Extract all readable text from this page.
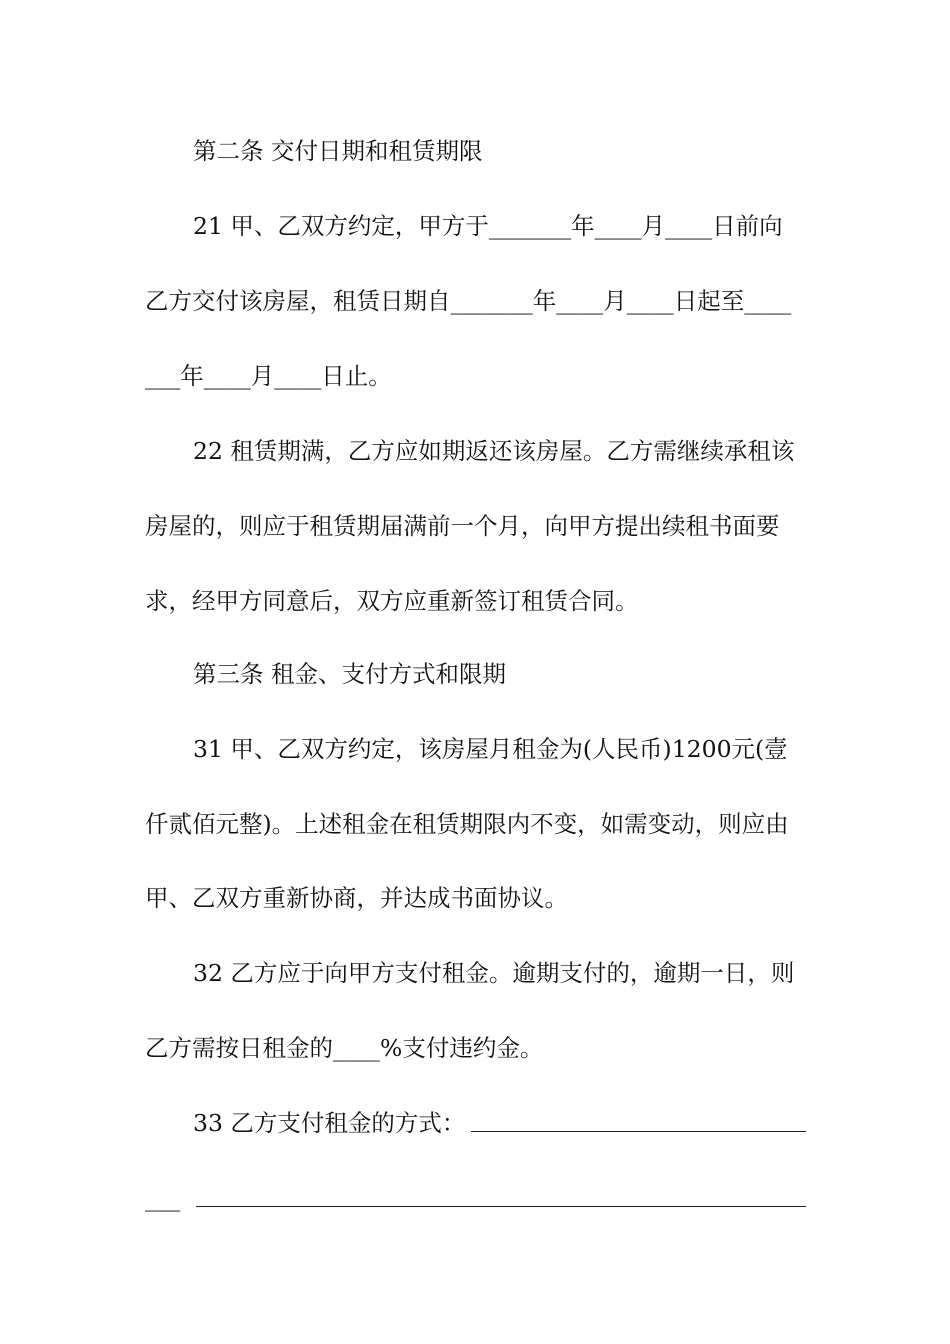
第二条 交付日期和租赁期限
21 甲、乙双方约定，甲方于_______年____月____日前向
乙方交付该房屋，租赁日期自_______年____月____日起至____
___年____月____日止。
22 租赁期满，乙方应如期返还该房屋。乙方需继续承租该
房屋的，则应于租赁期届满前一个月，向甲方提出续租书面要
求，经甲方同意后，双方应重新签订租赁合同。
第三条 租金、支付方式和限期
31 甲、乙双方约定，该房屋月租金为(人民币)1200元(壹
仟贰佰元整)。上述租金在租赁期限内不变，如需变动，则应由
甲、乙双方重新协商，并达成书面协议。
32 乙方应于向甲方支付租金。逾期支付的，逾期一日，则
乙方需按日租金的____%支付违约金。
33 乙方支付租金的方式：
___
